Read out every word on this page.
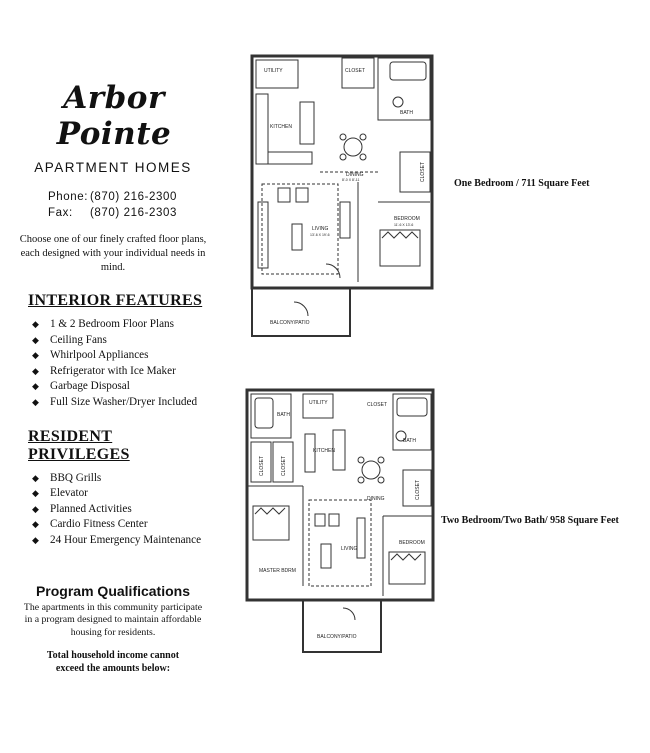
Arbor Pointe
APARTMENT HOMES
Phone: (870) 216-2300
Fax: (870) 216-2303
Choose one of our finely crafted floor plans, each designed with your individual needs in mind.
INTERIOR FEATURES
◆ 1 & 2 Bedroom Floor Plans
◆ Ceiling Fans
◆ Whirlpool Appliances
◆ Refrigerator with Ice Maker
◆ Garbage Disposal
◆ Full Size Washer/Dryer Included
RESIDENT PRIVILEGES
◆ BBQ Grills
◆ Elevator
◆ Planned Activities
◆ Cardio Fitness Center
◆ 24 Hour Emergency Maintenance
Program Qualifications
The apartments in this community participate in a program designed to maintain affordable housing for residents.
Total household income cannot
exceed the amounts below:
UTILITY	CLOSET
BATH
KITCHEN
DINING
8'-0 X 8'-11	CLOSET
BEDROOM
11'-6 X 13'-6
LIVING
13'-6 X 19'-6
BALCONY/PATIO
One Bedroom / 711 Square Feet
UTILITY
BATH
CLOSET
KITCHEN
BATH
CLOSET	CLOSET
DINING	CLOSET
BEDROOM
LIVING
MASTER BDRM
BALCONY/PATIO
Two Bedroom/Two Bath/ 958 Square Feet
